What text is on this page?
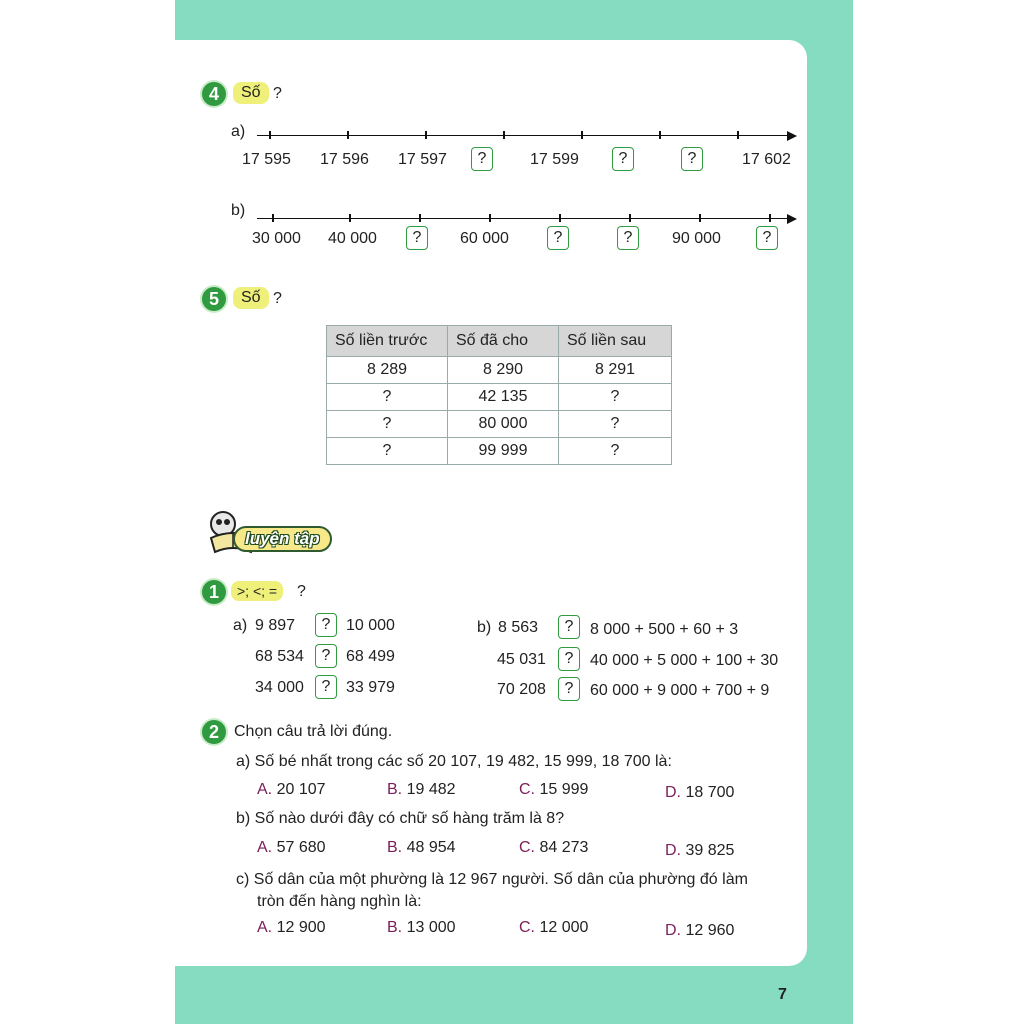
4	Số ?
a)
b)
5	Số ?
Số liền trước	Số đã cho	Số liền sau
8 289	8 290	8 291
?	42 135	?
?	80 000	?
?	99 999	?
luyện tập
1	>; <; =	?
a)	b)
9 897	? 10 000
68 534	? 68 499
34 000	? 33 979
8 563	?	8 000 + 500 + 60 + 3
45 031	?	40 000 + 5 000 + 100 + 30
70 208	?	60 000 + 9 000 + 700 + 9
2 Chọn câu trả lời đúng.
a) Số bé nhất trong các số 20 107, 19 482, 15 999, 18 700 là:
A. 20 107	B. 19 482	C. 15 999	D. 18 700
b) Số nào dưới đây có chữ số hàng trăm là 8?
A. 57 680	B. 48 954	C. 84 273	D. 39 825
c) Số dân của một phường là 12 967 người. Số dân của phường đó làm
tròn đến hàng nghìn là:
A. 12 900	B. 13 000	C. 12 000	D. 12 960
17 595 17 596 17 597	?	17 599	?	?	17 602
30 000 40 000	?	60 000	?	?	90 000	?
7
